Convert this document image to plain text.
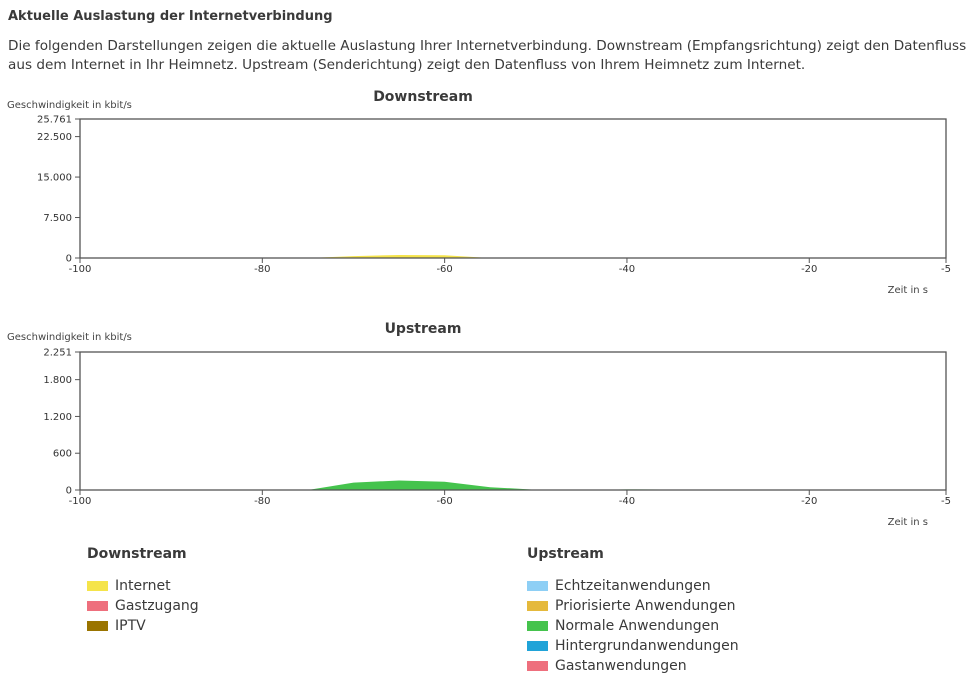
Aktuelle Auslastung der Internetverbindung
Die folgenden Darstellungen zeigen die aktuelle Auslastung Ihrer Internetverbindung. Downstream (Empfangsrichtung) zeigt den Datenfluss aus dem Internet in Ihr Heimnetz. Upstream (Senderichtung) zeigt den Datenfluss von Ihrem Heimnetz zum Internet.
Downstream
Geschwindigkeit in kbit/s
0
7.500
15.000
22.500
25.761
-100	-80	-60	-40	-20	-5
Zeit in s
Upstream
Geschwindigkeit in kbit/s
0
600
1.200
1.800
2.251
-100	-80	-60	-40	-20	-5
Zeit in s
Downstream
Internet
Gastzugang
IPTV
Upstream
Echtzeitanwendungen
Priorisierte Anwendungen
Normale Anwendungen
Hintergrundanwendungen
Gastanwendungen
